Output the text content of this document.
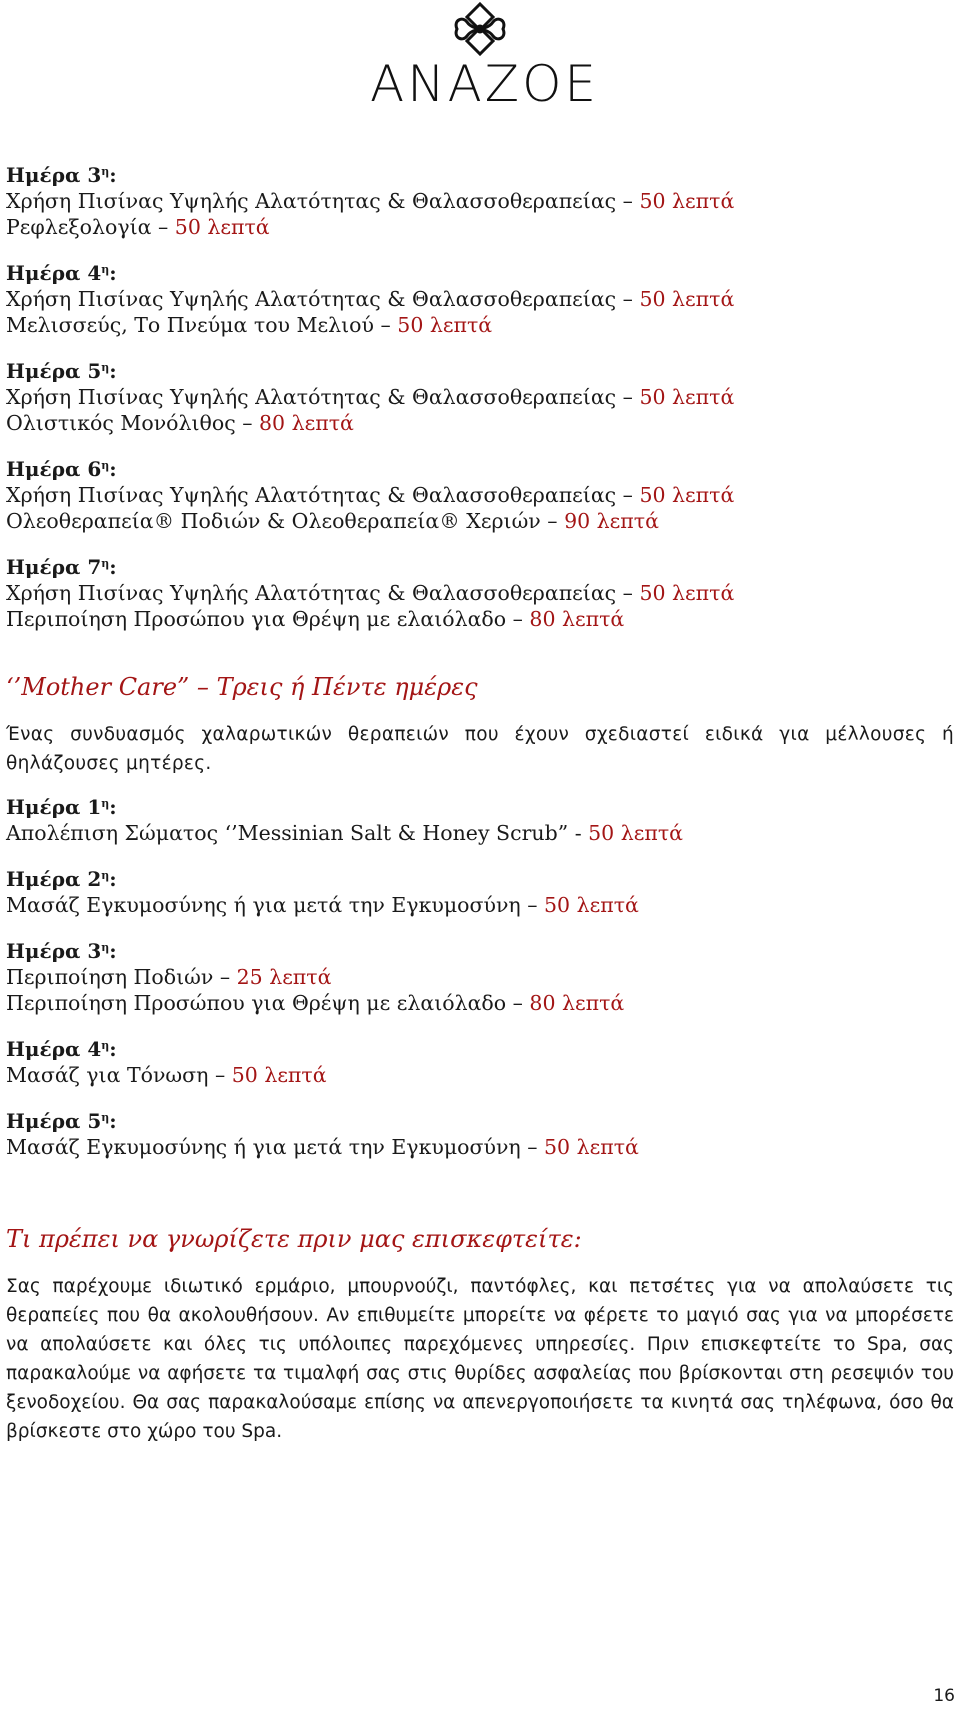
ANAZOE
Ημέρα $3^\eta$:
Χρήση Πισίνας Υψηλής Αλατότητας & Θαλασσοθεραπείας – 50 λεπτά
Ρεφλεξολογία – 50 λεπτά
Ημέρα $4^\eta$:
Χρήση Πισίνας Υψηλής Αλατότητας & Θαλασσοθεραπείας – 50 λεπτά
Μελισσεύς, Το Πνεύμα του Μελιού – 50 λεπτά
Ημέρα $5^\eta$:
Χρήση Πισίνας Υψηλής Αλατότητας & Θαλασσοθεραπείας – 50 λεπτά
Ολιστικός Μονόλιθος – 80 λεπτά
Ημέρα $6^\eta$:
Χρήση Πισίνας Υψηλής Αλατότητας & Θαλασσοθεραπείας – 50 λεπτά
Ολεοθεραπεία® Ποδιών & Ολεοθεραπεία® Χεριών – 90 λεπτά
Ημέρα $7^\eta$:
Χρήση Πισίνας Υψηλής Αλατότητας & Θαλασσοθεραπείας – 50 λεπτά
Περιποίηση Προσώπου για Θρέψη με ελαιόλαδο – 80 λεπτά
‘’Mother Care” – Τρεις ή Πέντε ημέρες
Ένας συνδυασμός χαλαρωτικών θεραπειών που έχουν σχεδιαστεί ειδικά για μέλλουσες ή θηλάζουσες μητέρες.
Ημέρα $1^\eta$:
Απολέπιση Σώματος ‘’Messinian Salt & Honey Scrub” - 50 λεπτά
Ημέρα $2^\eta$:
Μασάζ Εγκυμοσύνης ή για μετά την Εγκυμοσύνη – 50 λεπτά
Ημέρα $3^\eta$:
Περιποίηση Ποδιών – 25 λεπτά
Περιποίηση Προσώπου για Θρέψη με ελαιόλαδο – 80 λεπτά
Ημέρα $4^\eta$:
Μασάζ για Τόνωση – 50 λεπτά
Ημέρα $5^\eta$:
Μασάζ Εγκυμοσύνης ή για μετά την Εγκυμοσύνη – 50 λεπτά
Τι πρέπει να γνωρίζετε πριν μας επισκεφτείτε:
Σας παρέχουμε ιδιωτικό ερμάριο, μπουρνούζι, παντόφλες, και πετσέτες για να απολαύσετε τις θεραπείες που θα ακολουθήσουν. Αν επιθυμείτε μπορείτε να φέρετε το μαγιό σας για να μπορέσετε να απολαύσετε και όλες τις υπόλοιπες παρεχόμενες υπηρεσίες. Πριν επισκεφτείτε το Spa, σας παρακαλούμε να αφήσετε τα τιμαλφή σας στις θυρίδες ασφαλείας που βρίσκονται στη ρεσεψιόν του ξενοδοχείου. Θα σας παρακαλούσαμε επίσης να απενεργοποιήσετε τα κινητά σας τηλέφωνα, όσο θα βρίσκεστε στο χώρο του Spa.
16
